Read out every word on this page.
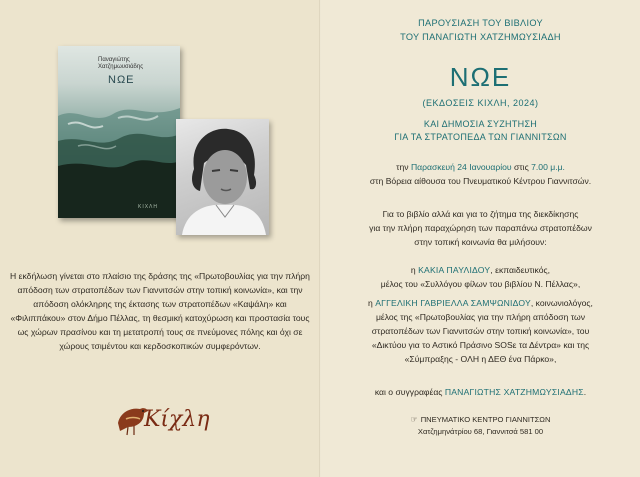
Παναγιώτης
Χατζημωυσιάδης
ΝΩΕ
ΚΙΧΛΗ
Η εκδήλωση γίνεται στο πλαίσιο της δράσης της «Πρωτοβουλίας για την πλήρη απόδοση των στρατοπέδων των Γιαννιτσών στην τοπική κοινωνία», και την απόδοση ολόκληρης της έκτασης των στρατοπέδων «Καψάλη» και «Φιλιππάκου» στον Δήμο Πέλλας, τη θεσμική κατοχύρωση και προστασία τους ως χώρων πρασίνου και τη μετατροπή τους σε πνεύμονες πόλης και όχι σε χώρους τσιμέντου και κερδοσκοπικών συμφερόντων.
Κίχλη
ΠΑΡΟΥΣΙΑΣΗ ΤΟΥ ΒΙΒΛΙΟΥ
ΤΟΥ ΠΑΝΑΓΙΩΤΗ ΧΑΤΖΗΜΩΥΣΙΑΔΗ
ΝΩΕ
(ΕΚΔΟΣΕΙΣ ΚΙΧΛΗ, 2024)
ΚΑΙ ΔΗΜΟΣΙΑ ΣΥΖΗΤΗΣΗ
ΓΙΑ ΤΑ ΣΤΡΑΤΟΠΕΔΑ ΤΩΝ ΓΙΑΝΝΙΤΣΩΝ
την Παρασκευή 24 Ιανουαρίου στις 7.00 μ.μ.
στη Βόρεια αίθουσα του Πνευματικού Κέντρου Γιαννιτσών.
Για το βιβλίο αλλά και για το ζήτημα της διεκδίκησης
για την πλήρη παραχώρηση των παραπάνω στρατοπέδων
στην τοπική κοινωνία θα μιλήσουν:
η ΚΑΚΙΑ ΠΑΥΛΙΔΟΥ, εκπαιδευτικός,
μέλος του «Συλλόγου φίλων του βιβλίου Ν. Πέλλας»,
η ΑΓΓΕΛΙΚΗ ΓΑΒΡΙΕΛΛΑ ΣΑΜΨΩΝΙΔΟΥ, κοινωνιολόγος,
μέλος της «Πρωτοβουλίας για την πλήρη απόδοση των
στρατοπέδων των Γιαννιτσών στην τοπική κοινωνία», του
«Δικτύου για το Αστικό Πράσινο SOSε τα Δέντρα» και της
«Σύμπραξης - ΟΛΗ η ΔΕΘ ένα Πάρκο»,
και ο συγγραφέας ΠΑΝΑΓΙΩΤΗΣ ΧΑΤΖΗΜΩΥΣΙΑΔΗΣ.
☞ ΠΝΕΥΜΑΤΙΚΟ ΚΕΝΤΡΟ ΓΙΑΝΝΙΤΣΩΝ
Χατζημηνάτρίου 68, Γιαννιτσά 581 00
